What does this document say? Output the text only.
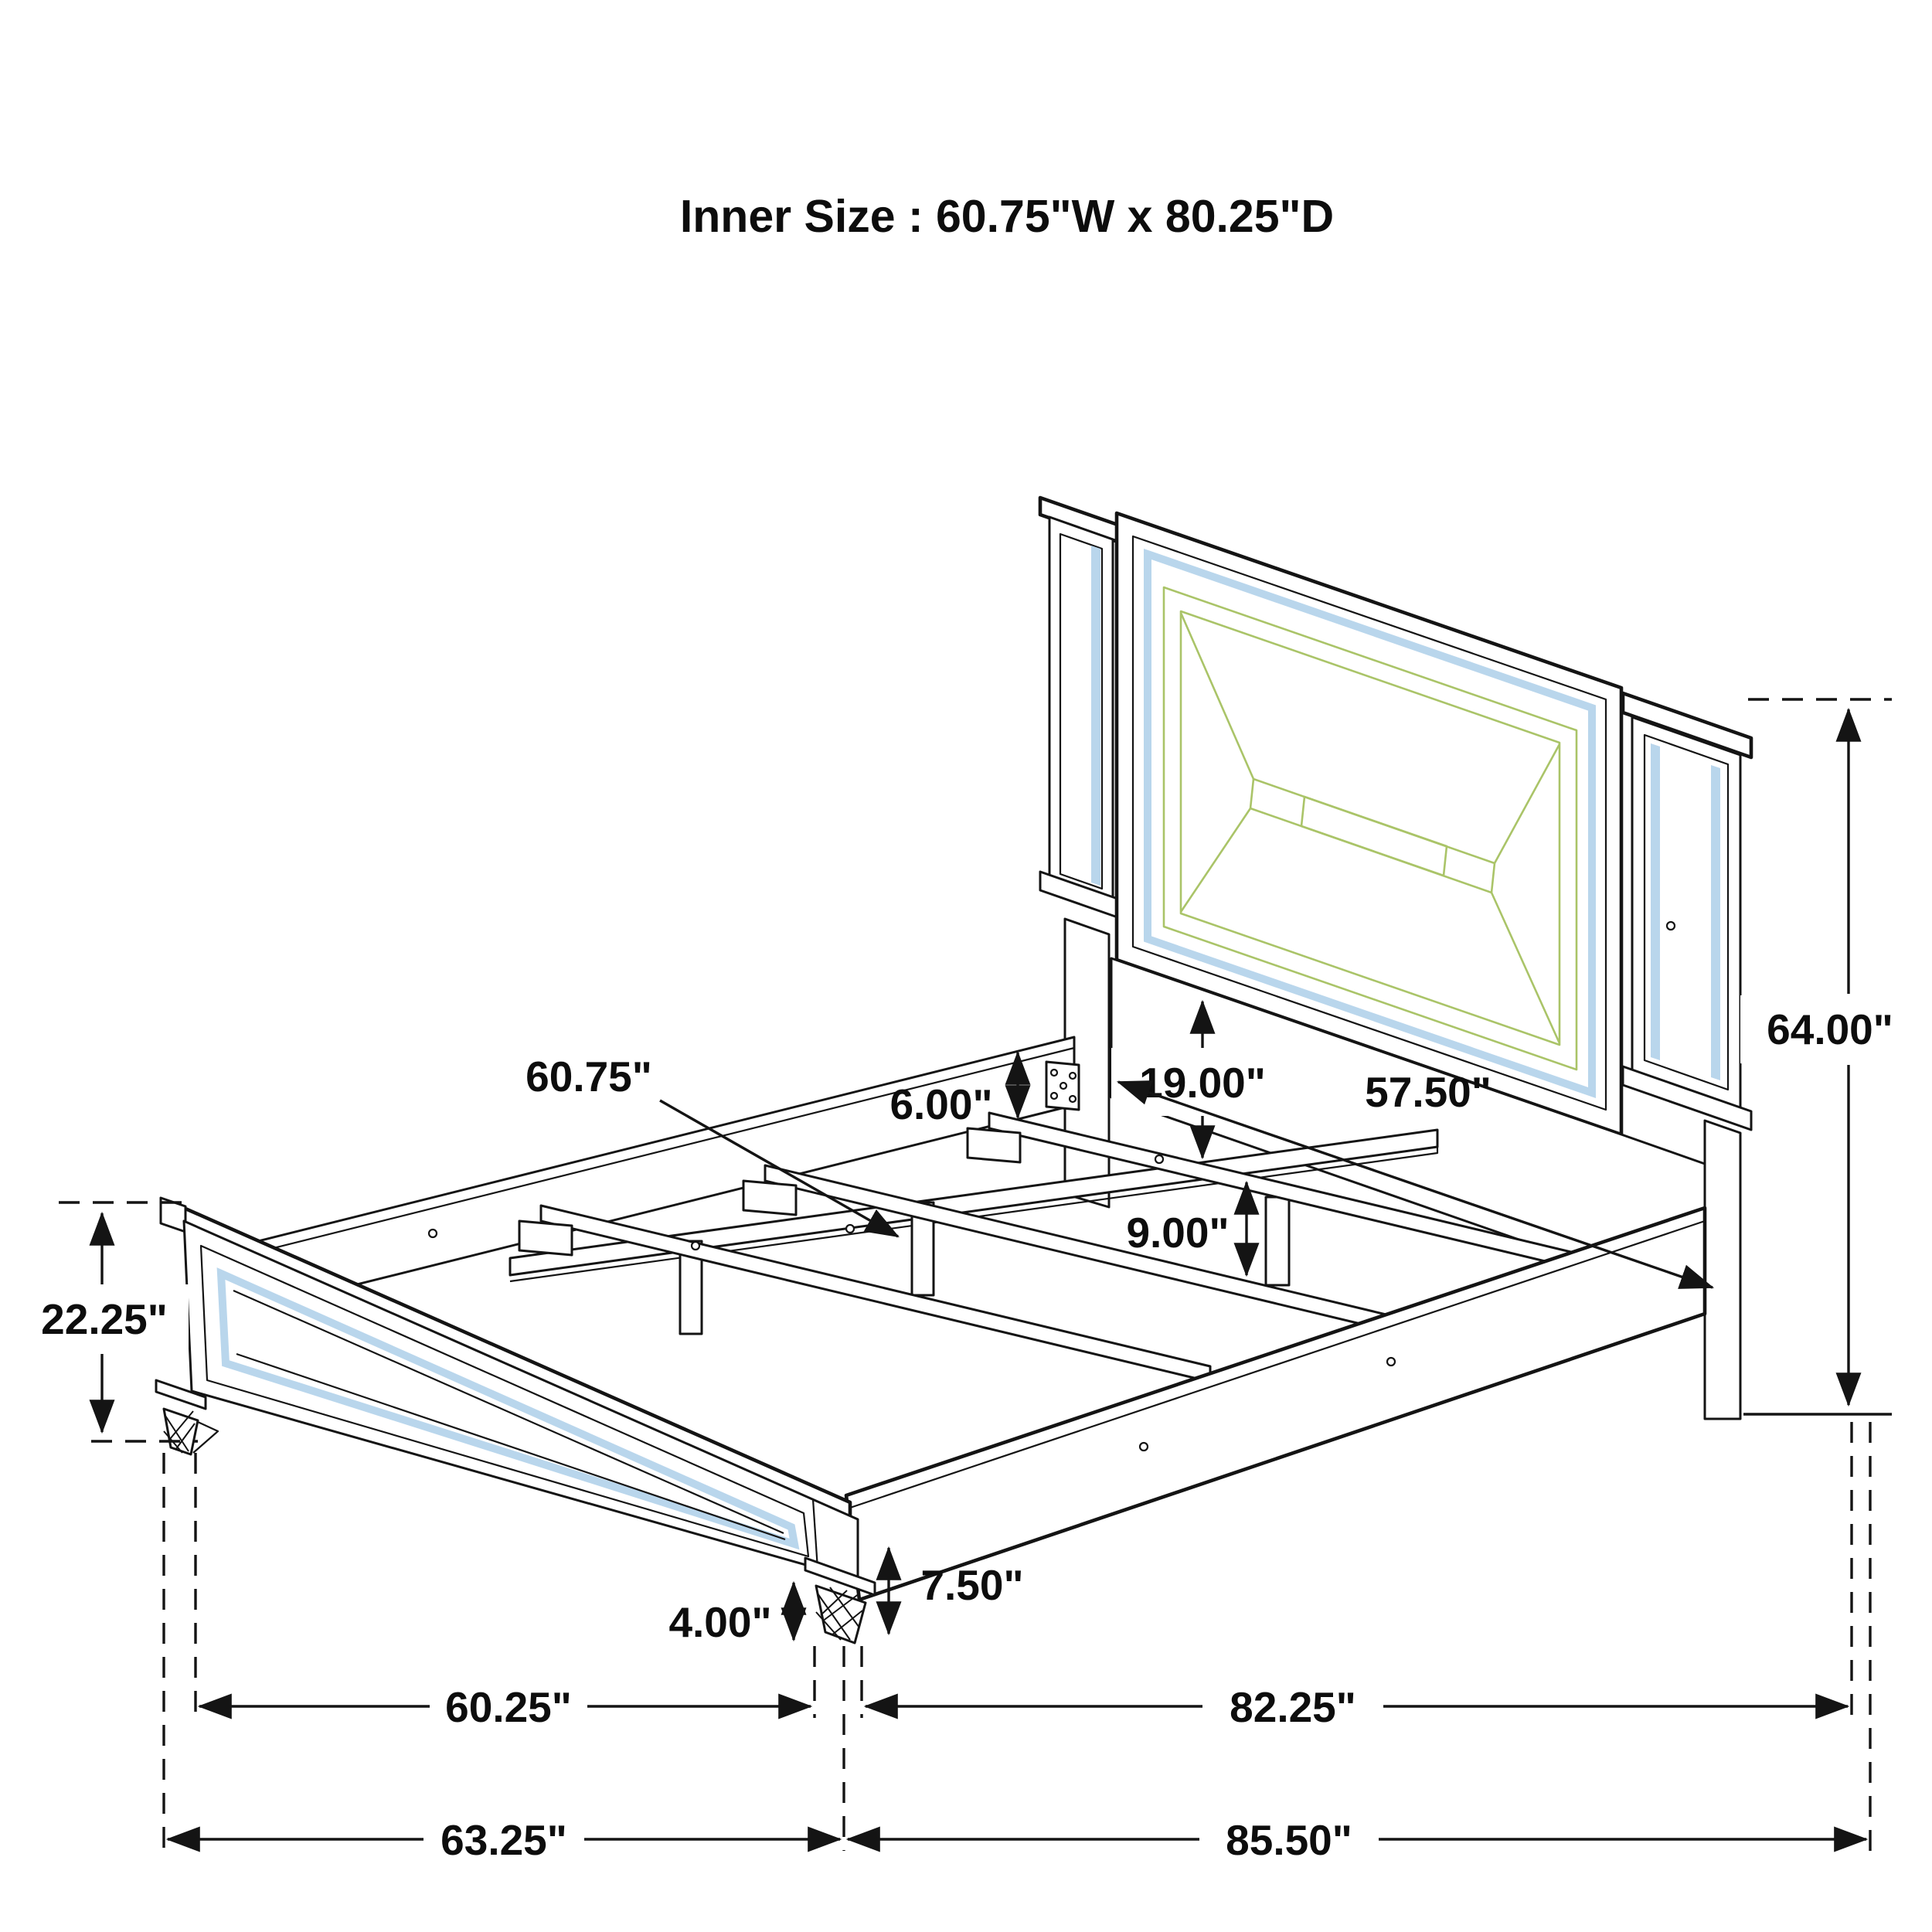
64.00"
22.25"
19.00" 57.50"
60.75"
6.00"
9.00"
7.50"
4.00"
60.25"	82.25"
63.25"	85.50"
Inner Size : 60.75"W x 80.25"D
